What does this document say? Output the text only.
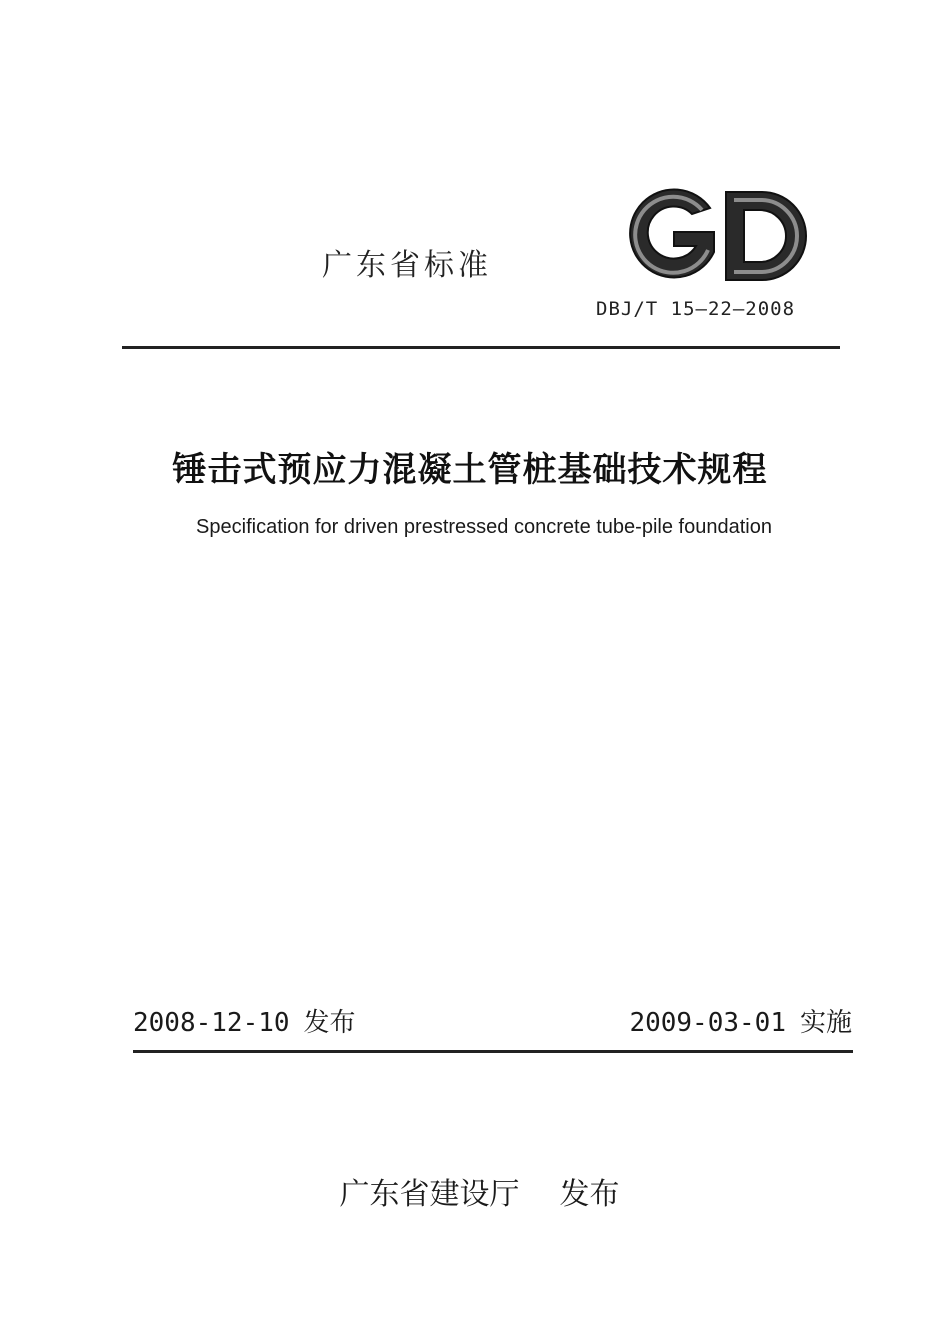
广东省标准
DBJ/T 15—22—2008
锤击式预应力混凝土管桩基础技术规程
Specification for driven prestressed concrete tube-pile foundation
2008-12-10 发布	2009-03-01 实施

广东省建设厅 发布
